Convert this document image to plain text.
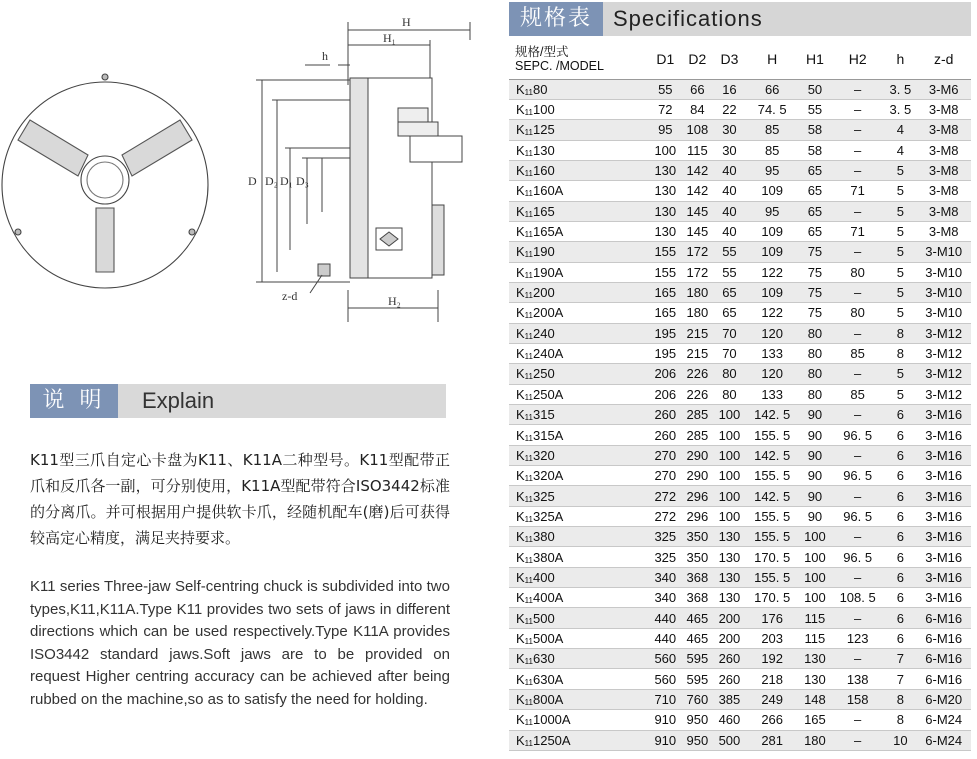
H
H₁
h
D D₂ D₁ D₃
z-d	H₂
说 明	Explain

K11型三爪自定心卡盘为K11、K11A二种型号。K11型配带正爪和反爪各一副，可分别使用，K11A型配带符合ISO3442标准的分离爪。并可根据用户提供软卡爪，经随机配车(磨)后可获得较高定心精度，满足夹持要求。

K11 series Three-jaw Self-centring chuck is subdivided into two types,K11,K11A.Type K11 provides two sets of jaws in different directions which can be used respectively.Type K11A provides ISO3442 standard jaws.Soft jaws are to be provided on request Higher centring accuracy can be achieved after being rubbed on the machine,so as to satisfy the need for holding.

规格表 Specifications
规格/型式
SEPC. /MODEL	D1	D2	D3	H	H1	H2	h	z-d
K1180	55	66	16	66	50	–	3. 5	3-M6
K11100	72	84	22	74. 5	55	–	3. 5	3-M8
K11125	95	108	30	85	58	–	4	3-M8
K11130	100	115	30	85	58	–	4	3-M8
K11160	130	142	40	95	65	–	5	3-M8
K11160A	130	142	40	109	65	71	5	3-M8
K11165	130	145	40	95	65	–	5	3-M8
K11165A	130	145	40	109	65	71	5	3-M8
K11190	155	172	55	109	75	–	5	3-M10
K11190A	155	172	55	122	75	80	5	3-M10
K11200	165	180	65	109	75	–	5	3-M10
K11200A	165	180	65	122	75	80	5	3-M10
K11240	195	215	70	120	80	–	8	3-M12
K11240A	195	215	70	133	80	85	8	3-M12
K11250	206	226	80	120	80	–	5	3-M12
K11250A	206	226	80	133	80	85	5	3-M12
K11315	260	285	100	142. 5	90	–	6	3-M16
K11315A	260	285	100	155. 5	90	96. 5	6	3-M16
K11320	270	290	100	142. 5	90	–	6	3-M16
K11320A	270	290	100	155. 5	90	96. 5	6	3-M16
K11325	272	296	100	142. 5	90	–	6	3-M16
K11325A	272	296	100	155. 5	90	96. 5	6	3-M16
K11380	325	350	130	155. 5	100	–	6	3-M16
K11380A	325	350	130	170. 5	100	96. 5	6	3-M16
K11400	340	368	130	155. 5	100	–	6	3-M16
K11400A	340	368	130	170. 5	100	108. 5	6	3-M16
K11500	440	465	200	176	115	–	6	6-M16
K11500A	440	465	200	203	115	123	6	6-M16
K11630	560	595	260	192	130	–	7	6-M16
K11630A	560	595	260	218	130	138	7	6-M16
K11800A	710	760	385	249	148	158	8	6-M20
K111000A	910	950	460	266	165	–	8	6-M24
K111250A	910	950	500	281	180	–	10	6-M24
